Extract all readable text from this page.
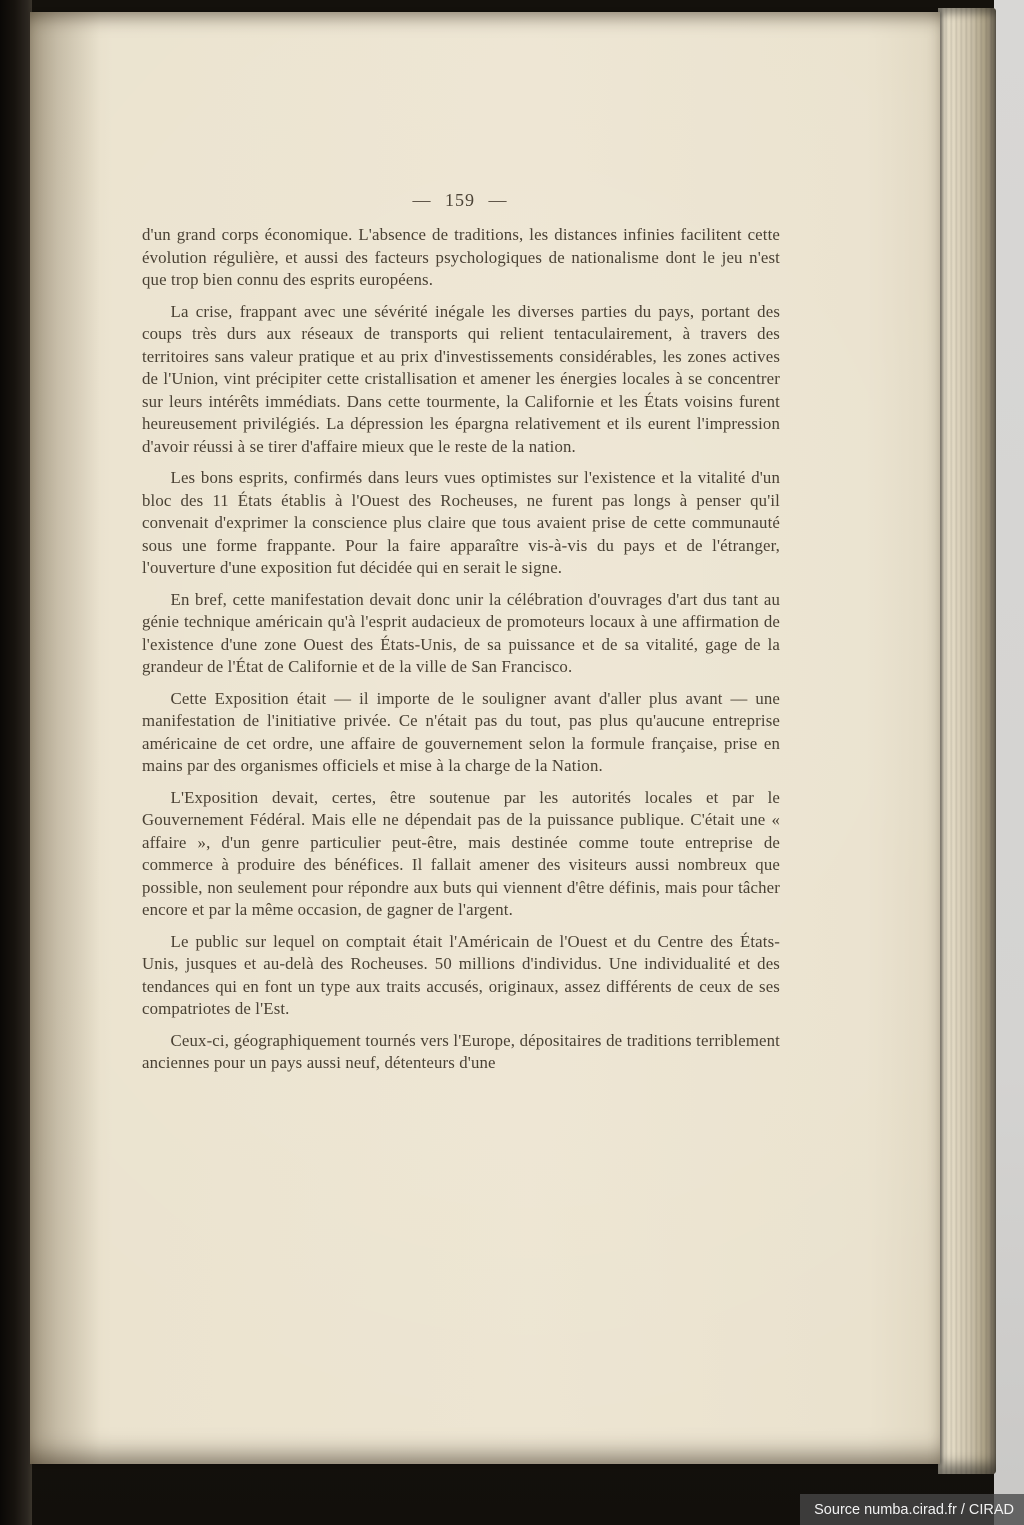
— 159 —

d'un grand corps économique. L'absence de traditions, les distances infinies facilitent cette évolution régulière, et aussi des facteurs psychologiques de nationalisme dont le jeu n'est que trop bien connu des esprits européens.

La crise, frappant avec une sévérité inégale les diverses parties du pays, portant des coups très durs aux réseaux de transports qui relient tentaculairement, à travers des territoires sans valeur pratique et au prix d'investissements considérables, les zones actives de l'Union, vint précipiter cette cristallisation et amener les énergies locales à se concentrer sur leurs intérêts immédiats. Dans cette tourmente, la Californie et les États voisins furent heureusement privilégiés. La dépression les épargna relativement et ils eurent l'impression d'avoir réussi à se tirer d'affaire mieux que le reste de la nation.

Les bons esprits, confirmés dans leurs vues optimistes sur l'existence et la vitalité d'un bloc des 11 États établis à l'Ouest des Rocheuses, ne furent pas longs à penser qu'il convenait d'exprimer la conscience plus claire que tous avaient prise de cette communauté sous une forme frappante. Pour la faire apparaître vis-à-vis du pays et de l'étranger, l'ouverture d'une exposition fut décidée qui en serait le signe.

En bref, cette manifestation devait donc unir la célébration d'ouvrages d'art dus tant au génie technique américain qu'à l'esprit audacieux de promoteurs locaux à une affirmation de l'existence d'une zone Ouest des États-Unis, de sa puissance et de sa vitalité, gage de la grandeur de l'État de Californie et de la ville de San Francisco.

Cette Exposition était — il importe de le souligner avant d'aller plus avant — une manifestation de l'initiative privée. Ce n'était pas du tout, pas plus qu'aucune entreprise américaine de cet ordre, une affaire de gouvernement selon la formule française, prise en mains par des organismes officiels et mise à la charge de la Nation.

L'Exposition devait, certes, être soutenue par les autorités locales et par le Gouvernement Fédéral. Mais elle ne dépendait pas de la puissance publique. C'était une « affaire », d'un genre particulier peut-être, mais destinée comme toute entreprise de commerce à produire des bénéfices. Il fallait amener des visiteurs aussi nombreux que possible, non seulement pour répondre aux buts qui viennent d'être définis, mais pour tâcher encore et par la même occasion, de gagner de l'argent.

Le public sur lequel on comptait était l'Américain de l'Ouest et du Centre des États-Unis, jusques et au-delà des Rocheuses. 50 millions d'individus. Une individualité et des tendances qui en font un type aux traits accusés, originaux, assez différents de ceux de ses compatriotes de l'Est.

Ceux-ci, géographiquement tournés vers l'Europe, dépositaires de traditions terriblement anciennes pour un pays aussi neuf, détenteurs d'une

Source numba.cirad.fr / CIRAD
